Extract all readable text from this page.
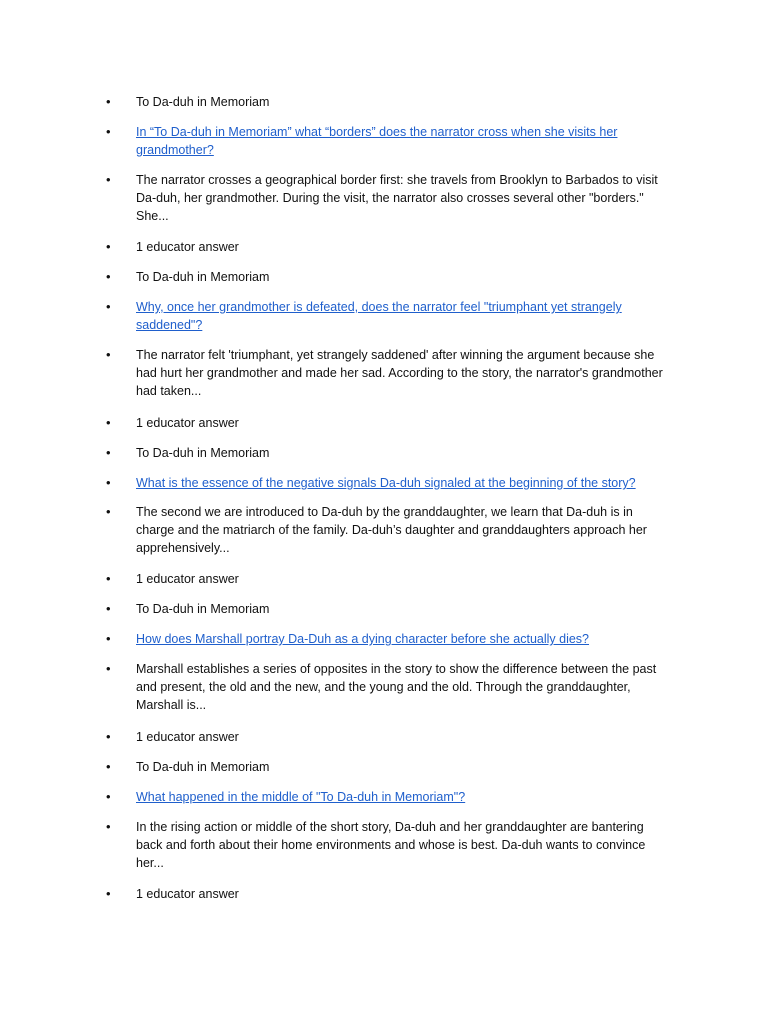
•	To Da-duh in Memoriam
•	In “To Da-duh in Memoriam” what “borders” does the narrator cross when she visits her grandmother?
•	The narrator crosses a geographical border first: she travels from Brooklyn to Barbados to visit Da-duh, her grandmother. During the visit, the narrator also crosses several other "borders." She...
•	1 educator answer
•	To Da-duh in Memoriam
•	Why, once her grandmother is defeated, does the narrator feel "triumphant yet strangely saddened"?
•	The narrator felt 'triumphant, yet strangely saddened' after winning the argument because she had hurt her grandmother and made her sad. According to the story, the narrator's grandmother had taken...
•	1 educator answer
•	To Da-duh in Memoriam
•	What is the essence of the negative signals Da-duh signaled at the beginning of the story?
•	The second we are introduced to Da-duh by the granddaughter, we learn that Da-duh is in charge and the matriarch of the family. Da-duh’s daughter and granddaughters approach her apprehensively...
•	1 educator answer
•	To Da-duh in Memoriam
•	How does Marshall portray Da-Duh as a dying character before she actually dies?
•	Marshall establishes a series of opposites in the story to show the difference between the past and present, the old and the new, and the young and the old. Through the granddaughter, Marshall is...
•	1 educator answer
•	To Da-duh in Memoriam
•	What happened in the middle of "To Da-duh in Memoriam"?
•	In the rising action or middle of the short story, Da-duh and her granddaughter are bantering back and forth about their home environments and whose is best. Da-duh wants to convince her...
•	1 educator answer
